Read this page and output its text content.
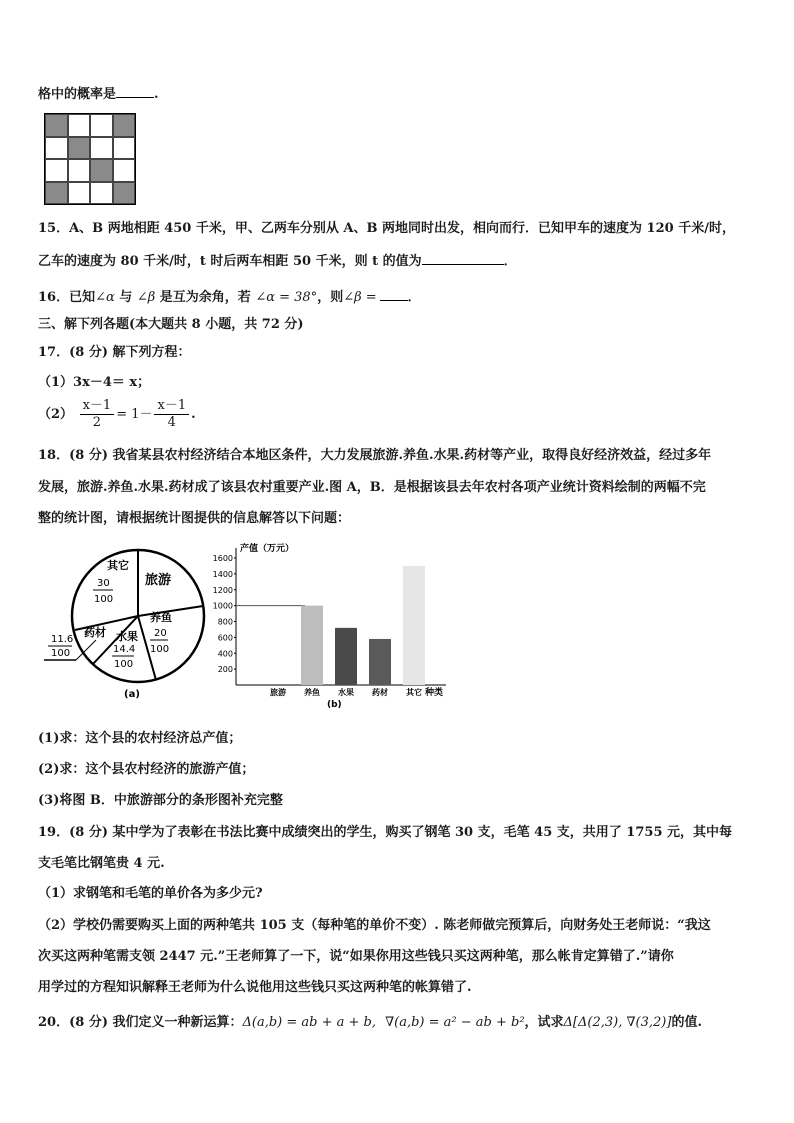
格中的概率是	.
15．A、B 两地相距 450 千米，甲、乙两车分别从 A、B 两地同时出发，相向而行．已知甲车的速度为 120 千米/时，
乙车的速度为 80 千米/时，t 时后两车相距 50 千米，则 t 的值为	．
16．已知∠α 与 ∠β 是互为余角，若 ∠α = 38°，则∠β = ．
三、解下列各题(本大题共 8 小题，共 72 分)
17．(8 分) 解下列方程：
（1）3x－4＝ x；
$(2) \frac{x-1}{2} = 1- \frac{x-1}{4}$ .
18．(8 分) 我省某县农村经济结合本地区条件，大力发展旅游.养鱼.水果.药材等产业，取得良好经济效益，经过多年
发展，旅游.养鱼.水果.药材成了该县农村重要产业.图 A，B．是根据该县去年农村各项产业统计资料绘制的两幅不完
整的统计图，请根据统计图提供的信息解答以下问题：
其它
30
100
旅游
养鱼
20
100
水果
14.4
100
药材
11.6
100
(a)
产值（万元）
200
400
600
800
1000
1200
1400
1600
旅游 养鱼 水果 药材 其它 种类
(b)
(1)求：这个县的农村经济总产值；
(2)求：这个县农村经济的旅游产值；
(3)将图 B．中旅游部分的条形图补充完整
19．(8 分) 某中学为了表彰在书法比赛中成绩突出的学生，购买了钢笔 30 支，毛笔 45 支，共用了 1755 元，其中每
支毛笔比钢笔贵 4 元.
（1）求钢笔和毛笔的单价各为多少元?
（2）学校仍需要购买上面的两种笔共 105 支（每种笔的单价不变）. 陈老师做完预算后，向财务处王老师说：“我这
次买这两种笔需支领 2447 元.”王老师算了一下，说“如果你用这些钱只买这两种笔，那么帐肯定算错了.”请你
用学过的方程知识解释王老师为什么说他用这些钱只买这两种笔的帐算错了.
20．(8 分) 我们定义一种新运算：Δ(a,b) = ab + a + b, ∇(a,b) = a² − ab + b²，试求Δ[Δ(2,3), ∇(3,2)]的值.
